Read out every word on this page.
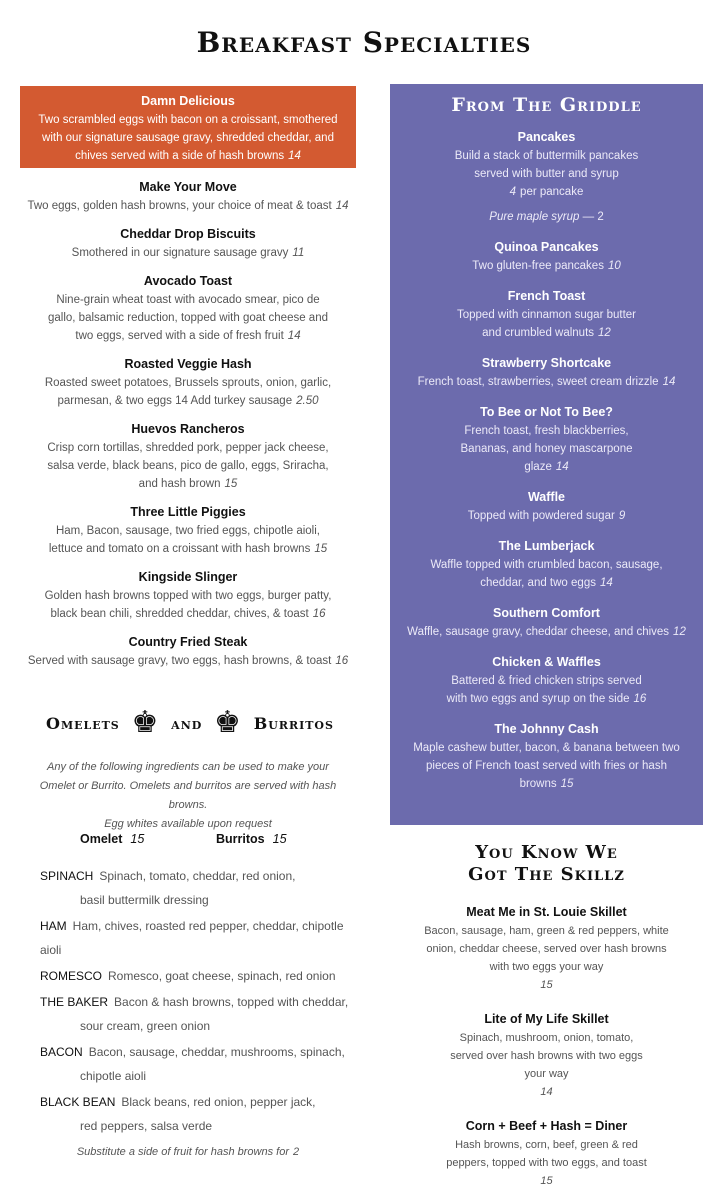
Breakfast Specialties
Damn Delicious
Two scrambled eggs with bacon on a croissant, smothered with our signature sausage gravy, shredded cheddar, and chives served with a side of hash browns 14
Make Your Move
Two eggs, golden hash browns, your choice of meat & toast 14
Cheddar Drop Biscuits
Smothered in our signature sausage gravy 11
Avocado Toast
Nine-grain wheat toast with avocado smear, pico de gallo, balsamic reduction, topped with goat cheese and two eggs, served with a side of fresh fruit 14
Roasted Veggie Hash
Roasted sweet potatoes, Brussels sprouts, onion, garlic, parmesan, & two eggs 14 Add turkey sausage 2.50
Huevos Rancheros
Crisp corn tortillas, shredded pork, pepper jack cheese, salsa verde, black beans, pico de gallo, eggs, Sriracha, and hash brown 15
Three Little Piggies
Ham, Bacon, sausage, two fried eggs, chipotle aioli, lettuce and tomato on a croissant with hash browns 15
Kingside Slinger
Golden hash browns topped with two eggs, burger patty, black bean chili, shredded cheddar, chives, & toast 16
Country Fried Steak
Served with sausage gravy, two eggs, hash browns, & toast 16
Omelets ♚ and ♚ Burritos
Any of the following ingredients can be used to make your
Omelet or Burrito. Omelets and burritos are served with hash browns.
Egg whites available upon request
Omelet 15	Burritos 15
SPINACH Spinach, tomato, cheddar, red onion,
basil buttermilk dressing
HAM Ham, chives, roasted red pepper, cheddar, chipotle aioli
ROMESCO Romesco, goat cheese, spinach, red onion
THE BAKER Bacon & hash browns, topped with cheddar,
sour cream, green onion
BACON Bacon, sausage, cheddar, mushrooms, spinach,
chipotle aioli
BLACK BEAN Black beans, red onion, pepper jack,
red peppers, salsa verde
Substitute a side of fruit for hash browns for 2
From The Griddle
Pancakes
Build a stack of buttermilk pancakes
served with butter and syrup
4 per pancake
Pure maple syrup — 2
Quinoa Pancakes
Two gluten-free pancakes 10
French Toast
Topped with cinnamon sugar butter and crumbled walnuts 12
Strawberry Shortcake
French toast, strawberries, sweet cream drizzle 14
To Bee or Not To Bee?
French toast, fresh blackberries, Bananas, and honey mascarpone glaze 14
Waffle
Topped with powdered sugar 9
The Lumberjack
Waffle topped with crumbled bacon, sausage, cheddar, and two eggs 14
Southern Comfort
Waffle, sausage gravy, cheddar cheese, and chives 12
Chicken & Waffles
Battered & fried chicken strips served with two eggs and syrup on the side 16
The Johnny Cash
Maple cashew butter, bacon, & banana between two pieces of French toast served with fries or hash browns 15
You Know We
Got The Skillz
Meat Me in St. Louie Skillet
Bacon, sausage, ham, green & red peppers, white onion, cheddar cheese, served over hash browns with two eggs your way
15
Lite of My Life Skillet
Spinach, mushroom, onion, tomato, served over hash browns with two eggs your way
14
Corn + Beef + Hash = Diner
Hash browns, corn, beef, green & red peppers, topped with two eggs, and toast
15
